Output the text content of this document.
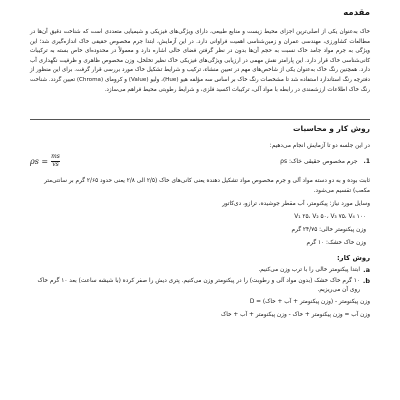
مقدمه

خاک به‌عنوان یکی از اصلی‌ترین اجزای محیط زیست و منابع طبیعی، دارای ویژگی‌های فیزیکی و شیمیایی متعددی است که شناخت دقیق آن‌ها در مطالعات کشاورزی، مهندسی عمران و زمین‌شناسی اهمیت فراوانی دارد. در این آزمایش، ابتدا جرم مخصوص حقیقی خاک اندازه‌گیری شد؛ این ویژگی به جرم مواد جامد خاک نسبت به حجم آن‌ها بدون در نظر گرفتن فضای خالی اشاره دارد و معمولاً در محدوده‌ای خاص بسته به ترکیبات کانی‌شناسی خاک قرار دارد. این پارامتر نقش مهمی در ارزیابی ویژگی‌های فیزیکی خاک نظیر تخلخل، وزن مخصوص ظاهری و ظرفیت نگهداری آب دارد. همچنین رنگ خاک به‌عنوان یکی از شاخص‌های مهم در تعیین منشاء، ترکیب و شرایط تشکیل خاک مورد بررسی قرار گرفت. برای این منظور از دفترچه رنگ استاندارد استفاده شد تا مشخصات رنگ خاک بر اساس سه مؤلفه هیو (Hue)، ولیو (Value) و کرومای (Chroma) تعیین گردد. شناخت رنگ خاک اطلاعات ارزشمندی در رابطه با مواد آلی، ترکیبات اکسید فلزی، و شرایط رطوبتی محیط فراهم می‌سازد.

روش کار و محاسبات
در این جلسه دو تا آزمایش انجام می‌دهیم:
1. جرم مخصوص حقیقی خاک: ρs
$\rho s = \frac{ms}{vs}$

ثابت بوده و به دو دسته مواد آلی و جرم مخصوص مواد تشکیل دهنده یعنی کانی‌های خاک (۲/۵ الی ۲/۸ یعنی حدود ۲/۶۵ گرم بر سانتی‌متر مکعب) تقسیم می‌شود.

وسایل مورد نیاز: پیکنومتر، آب مقطر جوشیده، ترازو، دی‌کاتور
V₁ ۲۵، V₂ ۵۰، V₃ ۷۵، V₄ ۱۰۰
وزن پیکنومتر خالی: ۲۴/۷۵ گرم
وزن خاک خشک: ۱۰ گرم
روش کار:
a.
ابتدا پیکنومتر خالی را با ترب وزن می‌کنیم.
b.
۱۰ گرم خاک خشک (بدون مواد آلی و رطوبت) را در پیکنومتر وزن می‌کنیم. پتری دیش را صفر کرده (با شیشه ساعت) بعد ۱۰ گرم خاک روی آن می‌ریزیم.
وزن پیکنومتر - (وزن پیکنومتر + آب + خاک) = D
وزن آب = وزن پیکنومتر + خاک - وزن پیکنومتر + آب + خاک
